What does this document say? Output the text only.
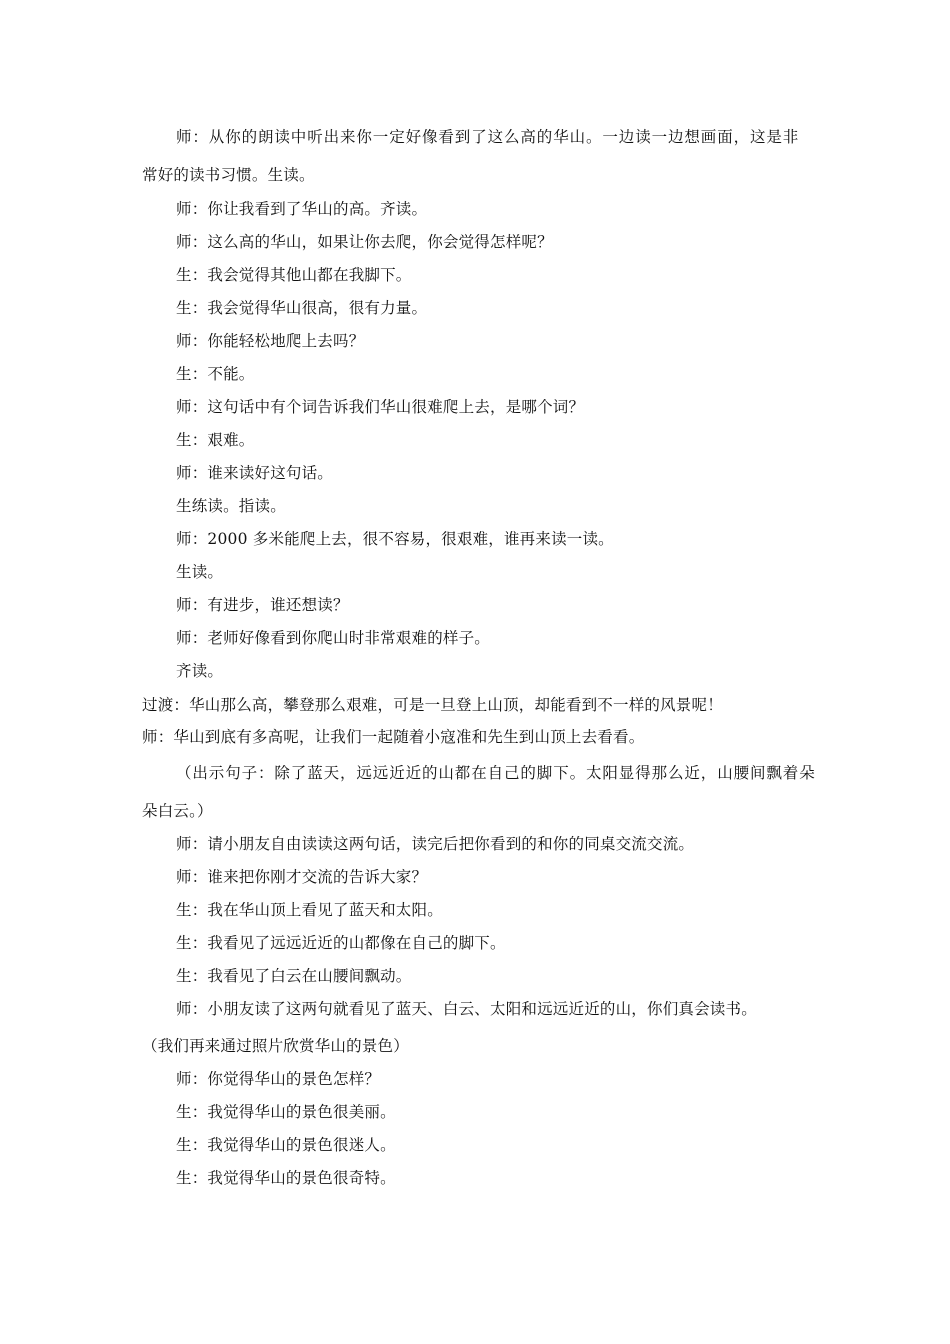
师：从你的朗读中听出来你一定好像看到了这么高的华山。一边读一边想画面，这是非
常好的读书习惯。生读。
师：你让我看到了华山的高。齐读。
师：这么高的华山，如果让你去爬，你会觉得怎样呢？
生：我会觉得其他山都在我脚下。
生：我会觉得华山很高，很有力量。
师：你能轻松地爬上去吗？
生：不能。
师：这句话中有个词告诉我们华山很难爬上去，是哪个词？
生：艰难。
师：谁来读好这句话。
生练读。指读。
师：2000 多米能爬上去，很不容易，很艰难，谁再来读一读。
生读。
师：有进步，谁还想读？
师：老师好像看到你爬山时非常艰难的样子。
齐读。
过渡：华山那么高，攀登那么艰难，可是一旦登上山顶，却能看到不一样的风景呢！
师：华山到底有多高呢，让我们一起随着小寇准和先生到山顶上去看看。
（出示句子：除了蓝天，远远近近的山都在自己的脚下。太阳显得那么近，山腰间飘着朵
朵白云。）
师：请小朋友自由读读这两句话，读完后把你看到的和你的同桌交流交流。
师：谁来把你刚才交流的告诉大家？
生：我在华山顶上看见了蓝天和太阳。
生：我看见了远远近近的山都像在自己的脚下。
生：我看见了白云在山腰间飘动。
师：小朋友读了这两句就看见了蓝天、白云、太阳和远远近近的山，你们真会读书。
（我们再来通过照片欣赏华山的景色）
师：你觉得华山的景色怎样？
生：我觉得华山的景色很美丽。
生：我觉得华山的景色很迷人。
生：我觉得华山的景色很奇特。
